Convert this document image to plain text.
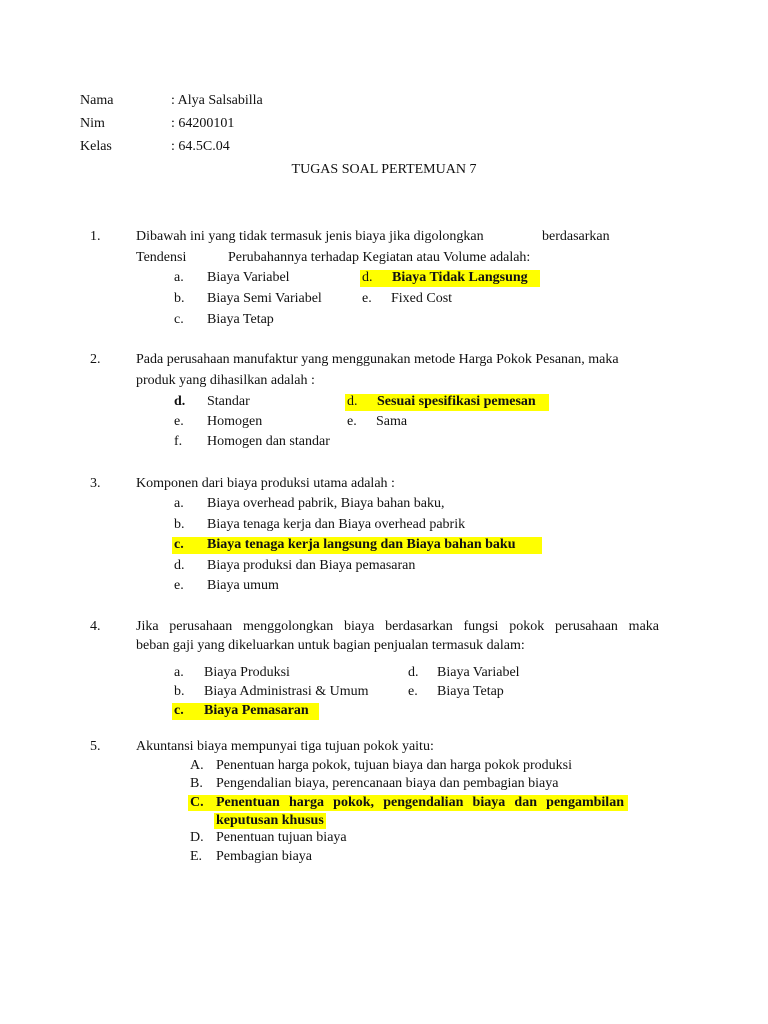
Nama	: Alya Salsabilla
Nim	: 64200101
Kelas	: 64.5C.04
TUGAS SOAL PERTEMUAN 7
1.	Dibawah ini yang tidak termasuk jenis biaya jika digolongkan	berdasarkan
Tendensi	Perubahannya terhadap Kegiatan atau Volume adalah:
a. Biaya Variabel	d. Biaya Tidak Langsung
b. Biaya Semi Variabel	e. Fixed Cost
c. Biaya Tetap
2.	Pada perusahaan manufaktur yang menggunakan metode Harga Pokok Pesanan, maka
produk yang dihasilkan adalah :
d. Standar	d. Sesuai spesifikasi pemesan
e. Homogen	e. Sama
f. Homogen dan standar
3.	Komponen dari biaya produksi utama adalah :
a. Biaya overhead pabrik, Biaya bahan baku,
b. Biaya tenaga kerja dan Biaya overhead pabrik
c. Biaya tenaga kerja langsung dan Biaya bahan baku
d. Biaya produksi dan Biaya pemasaran
e. Biaya umum
4.	Jika perusahaan menggolongkan biaya berdasarkan fungsi pokok perusahaan maka
beban gaji yang dikeluarkan untuk bagian penjualan termasuk dalam:
a. Biaya Produksi	d. Biaya Variabel
b. Biaya Administrasi & Umum	e. Biaya Tetap
c. Biaya Pemasaran
5.	Akuntansi biaya mempunyai tiga tujuan pokok yaitu:
A. Penentuan harga pokok, tujuan biaya dan harga pokok produksi
B. Pengendalian biaya, perencanaan biaya dan pembagian biaya
C. Penentuan harga pokok, pengendalian biaya dan pengambilan
keputusan khusus
D. Penentuan tujuan biaya
E. Pembagian biaya
